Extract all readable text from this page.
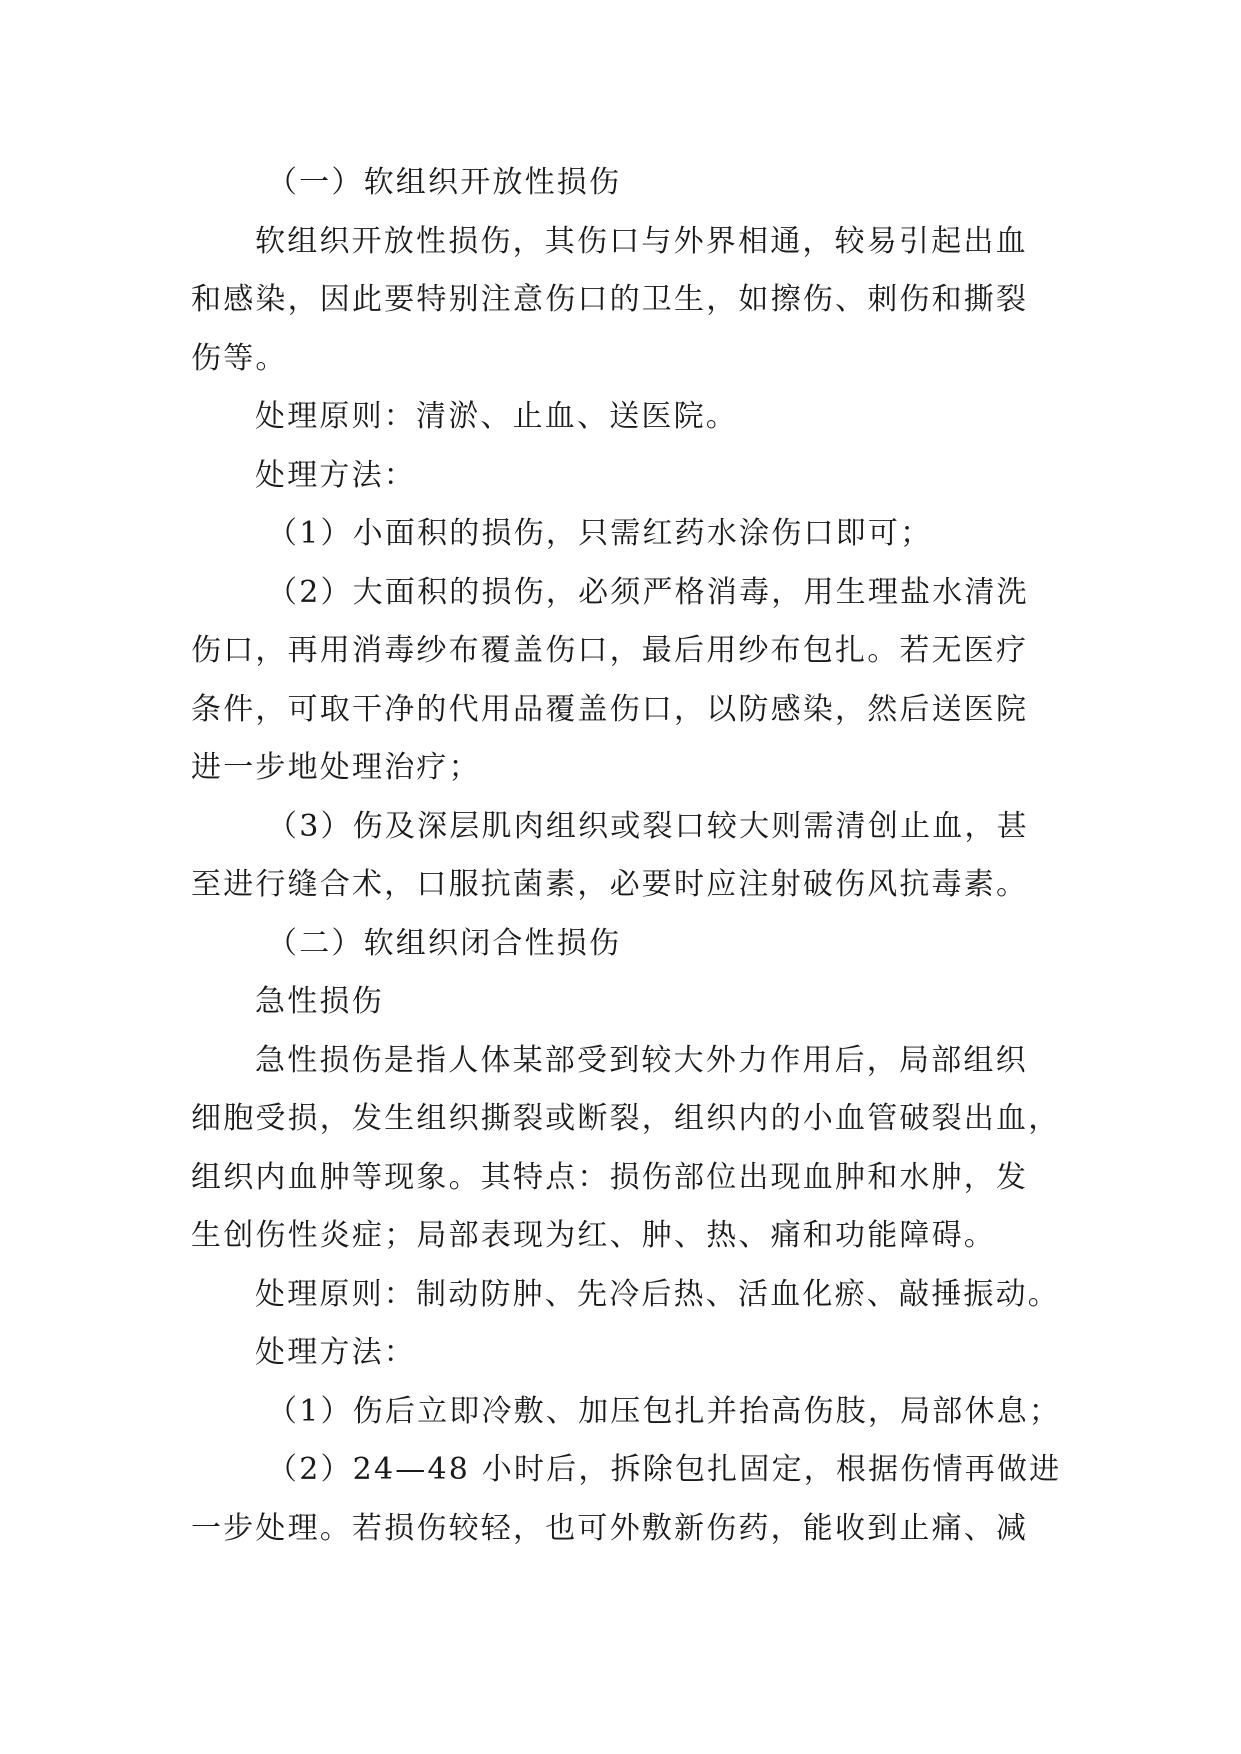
（一）软组织开放性损伤
软组织开放性损伤，其伤口与外界相通，较易引起出血
和感染，因此要特别注意伤口的卫生，如擦伤、刺伤和撕裂
伤等。
处理原则：清淤、止血、送医院。
处理方法：
（1）小面积的损伤，只需红药水涂伤口即可；
（2）大面积的损伤，必须严格消毒，用生理盐水清洗
伤口，再用消毒纱布覆盖伤口，最后用纱布包扎。若无医疗
条件，可取干净的代用品覆盖伤口，以防感染，然后送医院
进一步地处理治疗；
（3）伤及深层肌肉组织或裂口较大则需清创止血，甚
至进行缝合术，口服抗菌素，必要时应注射破伤风抗毒素。
（二）软组织闭合性损伤
急性损伤
急性损伤是指人体某部受到较大外力作用后，局部组织
细胞受损，发生组织撕裂或断裂，组织内的小血管破裂出血，
组织内血肿等现象。其特点：损伤部位出现血肿和水肿，发
生创伤性炎症；局部表现为红、肿、热、痛和功能障碍。
处理原则：制动防肿、先冷后热、活血化瘀、敲捶振动。
处理方法：
（1）伤后立即冷敷、加压包扎并抬高伤肢，局部休息；
（2）24—48 小时后，拆除包扎固定，根据伤情再做进
一步处理。若损伤较轻，也可外敷新伤药，能收到止痛、减
